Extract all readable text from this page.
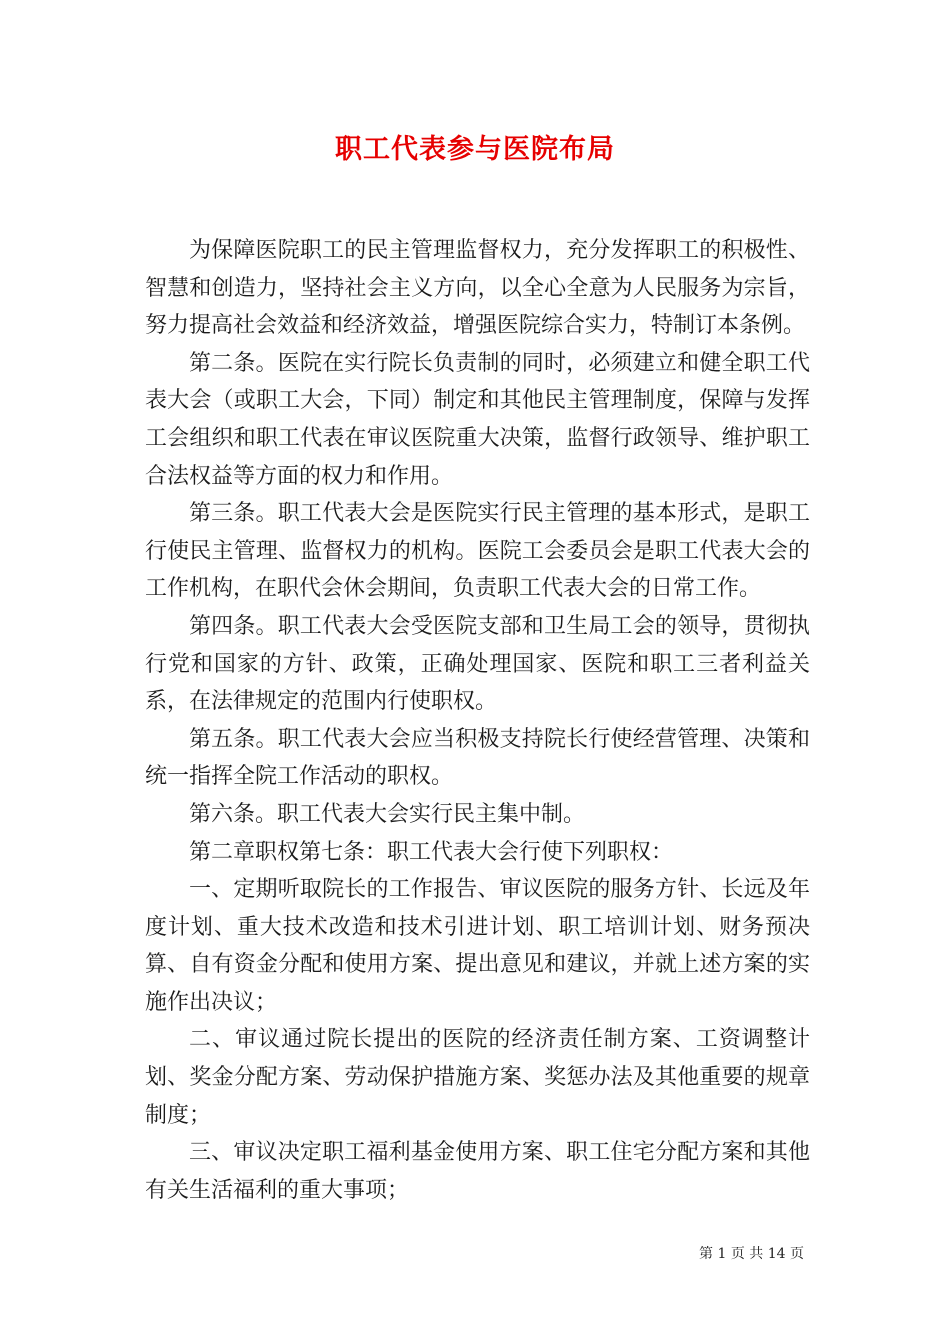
职工代表参与医院布局

为保障医院职工的民主管理监督权力，充分发挥职工的积极性、智慧和创造力，坚持社会主义方向，以全心全意为人民服务为宗旨，努力提高社会效益和经济效益，增强医院综合实力，特制订本条例。

第二条。医院在实行院长负责制的同时，必须建立和健全职工代表大会（或职工大会，下同）制定和其他民主管理制度，保障与发挥工会组织和职工代表在审议医院重大决策，监督行政领导、维护职工合法权益等方面的权力和作用。

第三条。职工代表大会是医院实行民主管理的基本形式，是职工行使民主管理、监督权力的机构。医院工会委员会是职工代表大会的工作机构，在职代会休会期间，负责职工代表大会的日常工作。

第四条。职工代表大会受医院支部和卫生局工会的领导，贯彻执行党和国家的方针、政策，正确处理国家、医院和职工三者利益关系，在法律规定的范围内行使职权。

第五条。职工代表大会应当积极支持院长行使经营管理、决策和统一指挥全院工作活动的职权。

第六条。职工代表大会实行民主集中制。

第二章职权第七条：职工代表大会行使下列职权：

一、定期听取院长的工作报告、审议医院的服务方针、长远及年度计划、重大技术改造和技术引进计划、职工培训计划、财务预决算、自有资金分配和使用方案、提出意见和建议，并就上述方案的实施作出决议；

二、审议通过院长提出的医院的经济责任制方案、工资调整计划、奖金分配方案、劳动保护措施方案、奖惩办法及其他重要的规章制度；

三、审议决定职工福利基金使用方案、职工住宅分配方案和其他有关生活福利的重大事项；

第 1 页 共 14 页
